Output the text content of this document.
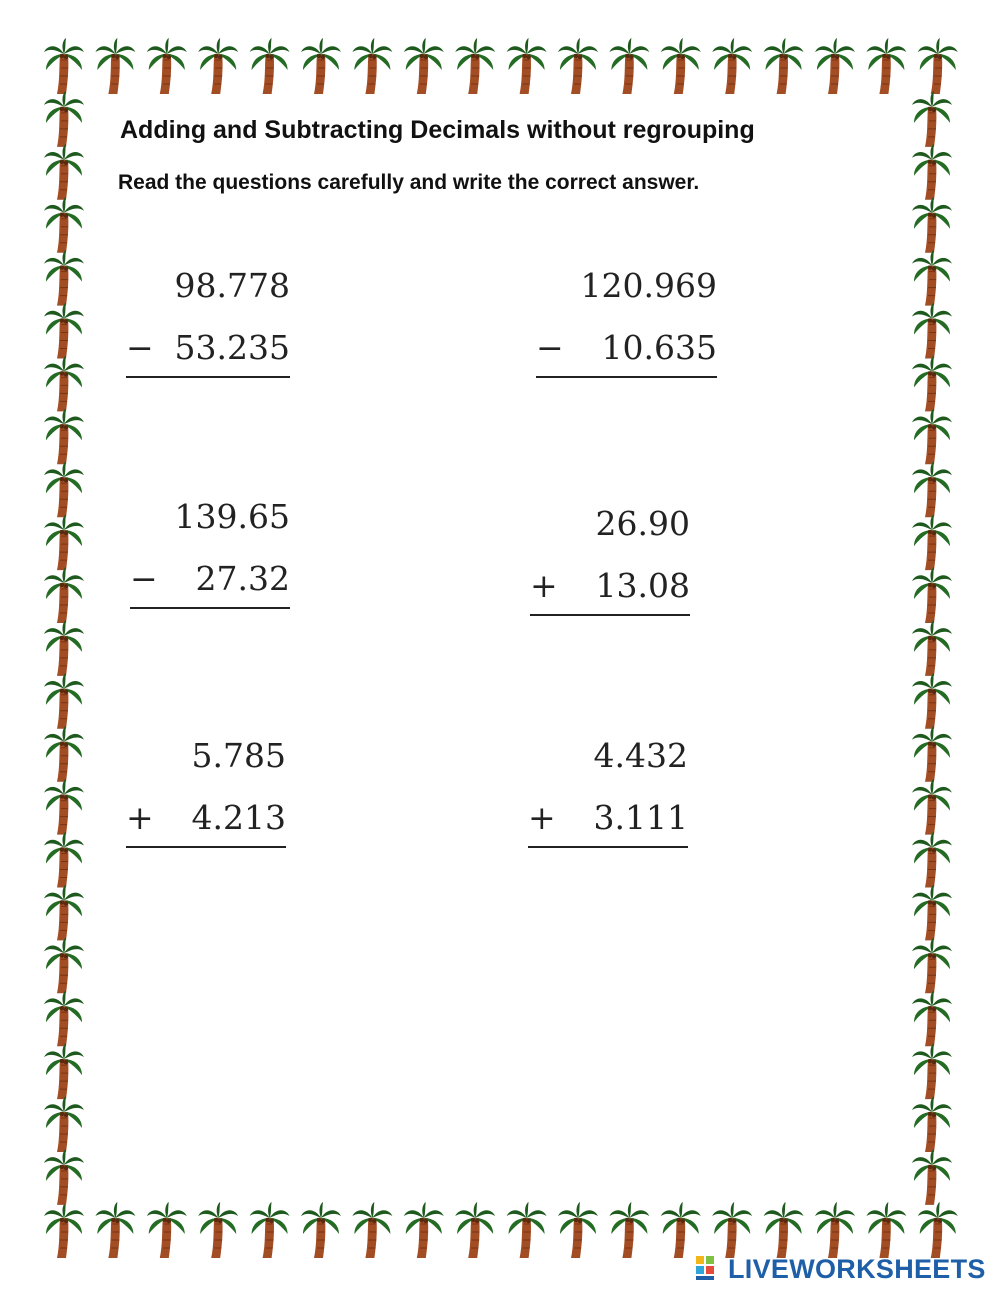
Adding and Subtracting Decimals without regrouping
Read the questions carefully and write the correct answer.
98.778
− 53.235
120.969
− 10.635
139.65
− 27.32
26.90
+ 13.08
5.785
+ 4.213
4.432
+ 3.111
LIVEWORKSHEETS
